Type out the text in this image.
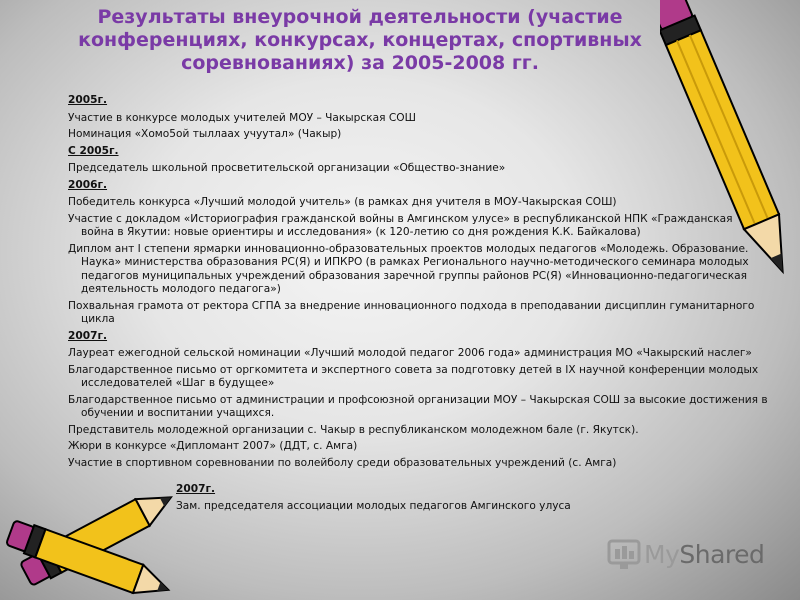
Результаты внеурочной деятельности (участие конференциях, конкурсах, концертах, спортивных соревнованиях) за 2005-2008 гг.

2005г.

Участие в конкурсе молодых учителей МОУ – Чакырская СОШ

Номинация «Хомо5ой тыллаах учуутал» (Чакыр)

С 2005г.

Председатель школьной просветительской организации «Общество-знание»

2006г.

Победитель конкурса «Лучший молодой учитель» (в рамках дня учителя в МОУ-Чакырская СОШ)

Участие с докладом «Историография гражданской войны в Амгинском улусе» в республиканской НПК «Гражданская война в Якутии: новые ориентиры и исследования» (к 120-летию со дня рождения К.К. Байкалова)

Диплом ант I степени ярмарки инновационно-образовательных проектов молодых педагогов «Молодежь. Образование. Наука» министерства образования РС(Я) и ИПКРО (в рамках Регионального научно-методического семинара молодых педагогов муниципальных учреждений образования заречной группы районов РС(Я) «Инновационно-педагогическая деятельность молодого педагога»)

Похвальная грамота от ректора СГПА за внедрение инновационного подхода в преподавании дисциплин гуманитарного цикла

2007г.

Лауреат ежегодной сельской номинации «Лучший молодой педагог 2006 года» администрация МО «Чакырский наслег»

Благодарственное письмо от оргкомитета и экспертного совета за подготовку детей в IX научной конференции молодых исследователей «Шаг в будущее»

Благодарственное письмо от администрации и профсоюзной организации МОУ – Чакырская СОШ за высокие достижения в обучении и воспитании учащихся.

Представитель молодежной организации с. Чакыр в республиканском молодежном бале (г. Якутск).

Жюри в конкурсе «Дипломант 2007» (ДДТ, с. Амга)

Участие в спортивном соревновании по волейболу среди образовательных учреждений (с. Амга)

2007г.

Зам. председателя ассоциации молодых педагогов Амгинского улуса

MyShared
